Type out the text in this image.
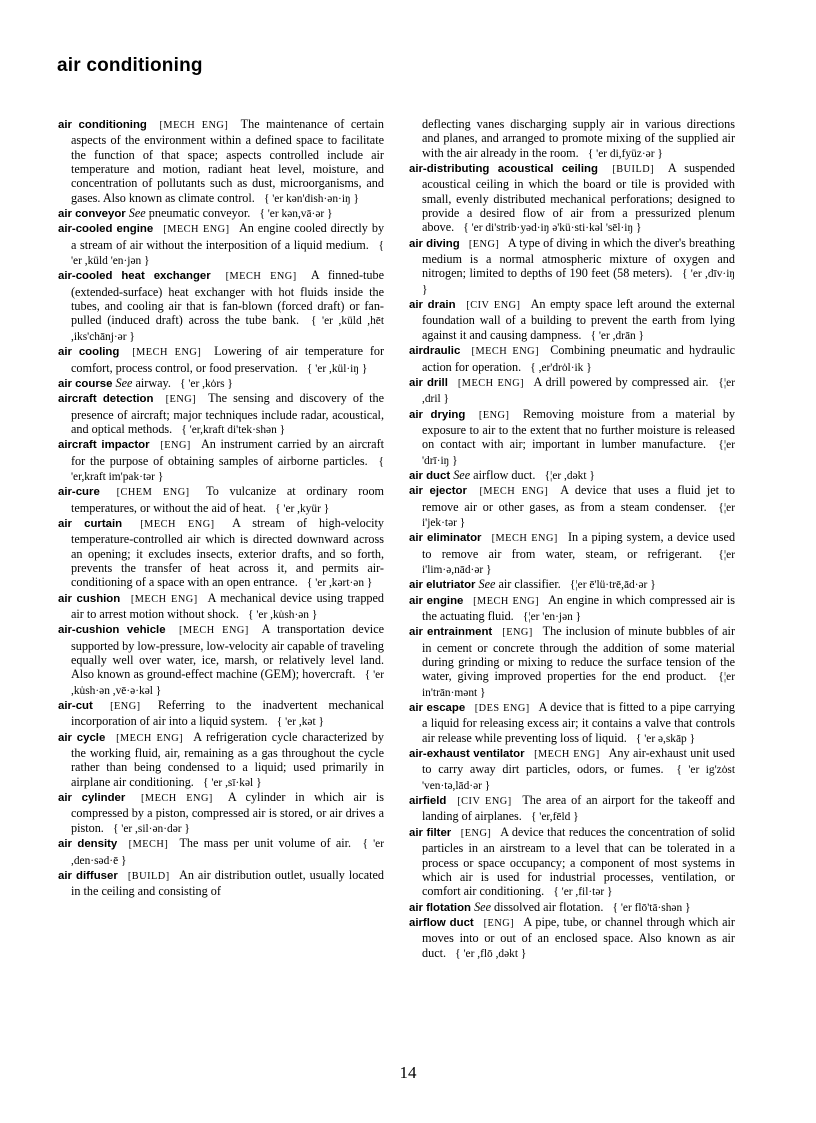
air conditioning

air conditioning  [MECH ENG]  The maintenance of certain aspects of the environment within a defined space to facilitate the function of that space; aspects controlled include air temperature and motion, radiant heat level, moisture, and concentration of pollutants such as dust, microorganisms, and gases. Also known as climate control.  { 'er kən'dish·ən·iŋ }

air conveyor See pneumatic conveyor.  { 'er kən,vā·ər }

air-cooled engine  [MECH ENG]  An engine cooled directly by a stream of air without the interposition of a liquid medium.  { 'er ,küld 'en·jən }

air-cooled heat exchanger  [MECH ENG]  A finned-tube (extended-surface) heat exchanger with hot fluids inside the tubes, and cooling air that is fan-blown (forced draft) or fan-pulled (induced draft) across the tube bank.  { 'er ,küld ,hēt ,iks'chānj·ər }

air cooling  [MECH ENG]  Lowering of air temperature for comfort, process control, or food preservation.  { 'er ,kül·iŋ }

air course See airway.  { 'er ,kȯrs }

aircraft detection  [ENG]  The sensing and discovery of the presence of aircraft; major techniques include radar, acoustical, and optical methods.  { 'er,kraft di'tek·shən }

aircraft impactor  [ENG]  An instrument carried by an aircraft for the purpose of obtaining samples of airborne particles.  { 'er,kraft im'pak·tər }

air-cure  [CHEM ENG]  To vulcanize at ordinary room temperatures, or without the aid of heat.  { 'er ,kyür }

air curtain  [MECH ENG]  A stream of high-velocity temperature-controlled air which is directed downward across an opening; it excludes insects, exterior drafts, and so forth, prevents the transfer of heat across it, and permits air-conditioning of a space with an open entrance.  { 'er ,kərt·ən }

air cushion  [MECH ENG]  A mechanical device using trapped air to arrest motion without shock.  { 'er ,ku̇sh·ən }

air-cushion vehicle  [MECH ENG]  A transportation device supported by low-pressure, low-velocity air capable of traveling equally well over water, ice, marsh, or relatively level land. Also known as ground-effect machine (GEM); hovercraft.  { 'er ,ku̇sh·ən ,vē·ə·kəl }

air-cut  [ENG]  Referring to the inadvertent mechanical incorporation of air into a liquid system.  { 'er ,kət }

air cycle  [MECH ENG]  A refrigeration cycle characterized by the working fluid, air, remaining as a gas throughout the cycle rather than being condensed to a liquid; used primarily in airplane air conditioning.  { 'er ,sī·kəl }

air cylinder  [MECH ENG]  A cylinder in which air is compressed by a piston, compressed air is stored, or air drives a piston.  { 'er ,sil·ən·dər }

air density  [MECH]  The mass per unit volume of air.  { 'er ,den·səd·ē }

air diffuser  [BUILD]  An air distribution outlet, usually located in the ceiling and consisting of

deflecting vanes discharging supply air in various directions and planes, and arranged to promote mixing of the supplied air with the air already in the room.  { 'er di,fyüz·ər }

air-distributing acoustical ceiling  [BUILD]  A suspended acoustical ceiling in which the board or tile is provided with small, evenly distributed mechanical perforations; designed to provide a desired flow of air from a pressurized plenum above.  { 'er di'strib·yəd·iŋ ə'kü·sti·kəl 'sēl·iŋ }

air diving  [ENG]  A type of diving in which the diver's breathing medium is a normal atmospheric mixture of oxygen and nitrogen; limited to depths of 190 feet (58 meters).  { 'er ,dīv·iŋ }

air drain  [CIV ENG]  An empty space left around the external foundation wall of a building to prevent the earth from lying against it and causing dampness.  { 'er ,drān }

airdraulic  [MECH ENG]  Combining pneumatic and hydraulic action for operation.  { ,er'drȯl·ik }

air drill  [MECH ENG]  A drill powered by compressed air.  {¦er ,dril }

air drying  [ENG]  Removing moisture from a material by exposure to air to the extent that no further moisture is released on contact with air; important in lumber manufacture.  {¦er 'drī·iŋ }

air duct See airflow duct.  {¦er ,dəkt }

air ejector  [MECH ENG]  A device that uses a fluid jet to remove air or other gases, as from a steam condenser.  {¦er i'jek·tər }

air eliminator  [MECH ENG]  In a piping system, a device used to remove air from water, steam, or refrigerant.  {¦er i'lim·ə,nād·ər }

air elutriator See air classifier.  {¦er ē'lü·trē,ād·ər }

air engine  [MECH ENG]  An engine in which compressed air is the actuating fluid.  {¦er 'en·jən }

air entrainment  [ENG]  The inclusion of minute bubbles of air in cement or concrete through the addition of some material during grinding or mixing to reduce the surface tension of the water, giving improved properties for the end product.  {¦er in'trān·mənt }

air escape  [DES ENG]  A device that is fitted to a pipe carrying a liquid for releasing excess air; it contains a valve that controls air release while preventing loss of liquid.  { 'er ə,skāp }

air-exhaust ventilator  [MECH ENG]  Any air-exhaust unit used to carry away dirt particles, odors, or fumes.  { 'er ig'zȯst 'ven·tə,lād·ər }

airfield  [CIV ENG]  The area of an airport for the takeoff and landing of airplanes.  { 'er,fēld }

air filter  [ENG]  A device that reduces the concentration of solid particles in an airstream to a level that can be tolerated in a process or space occupancy; a component of most systems in which air is used for industrial processes, ventilation, or comfort air conditioning.  { 'er ,fil·tər }

air flotation See dissolved air flotation.  { 'er flō'tā·shən }

airflow duct  [ENG]  A pipe, tube, or channel through which air moves into or out of an enclosed space. Also known as air duct.  { 'er ,flō ,dəkt }

14
